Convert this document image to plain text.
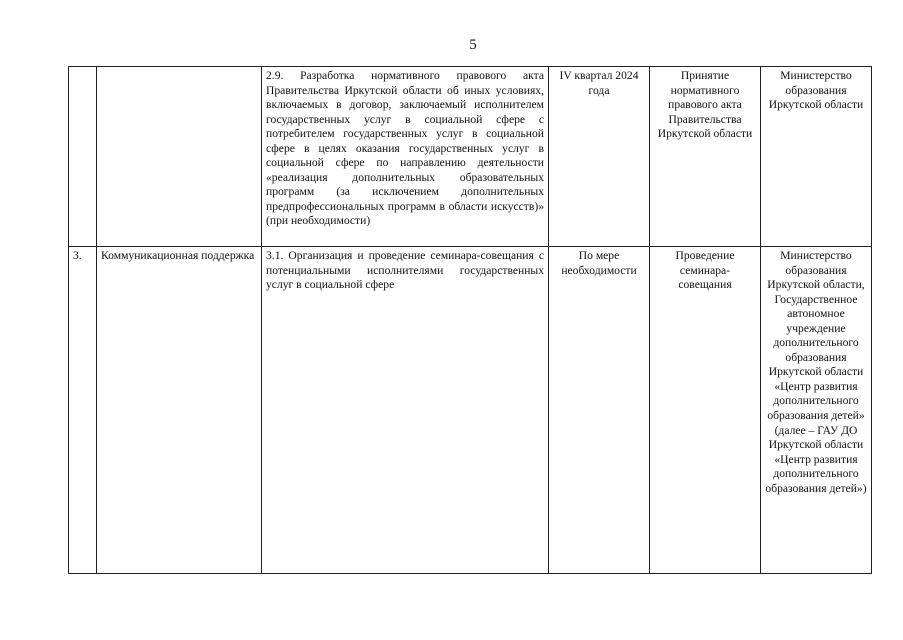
5
		2.9. Разработка нормативного правового акта Правительства Иркутской области об иных условиях, включаемых в договор, заключаемый исполнителем государственных услуг в социальной сфере с потребителем государственных услуг в социальной сфере в целях оказания государственных услуг в социальной сфере по направлению деятельности «реализация дополнительных образовательных программ (за исключением дополнительных предпрофессиональных программ в области искусств)» (при необходимости)	IV квартал 2024 года	Принятие нормативного правового акта Правительства Иркутской области	Министерство образования Иркутской области
3.	Коммуникационная поддержка	3.1. Организация и проведение семинара-совещания с потенциальными исполнителями государственных услуг в социальной сфере	По мере необходимости	Проведение семинара-совещания	Министерство образования Иркутской области, Государственное автономное учреждение дополнительного образования Иркутской области «Центр развития дополнительного образования детей» (далее – ГАУ ДО Иркутской области «Центр развития дополнительного образования детей»)
